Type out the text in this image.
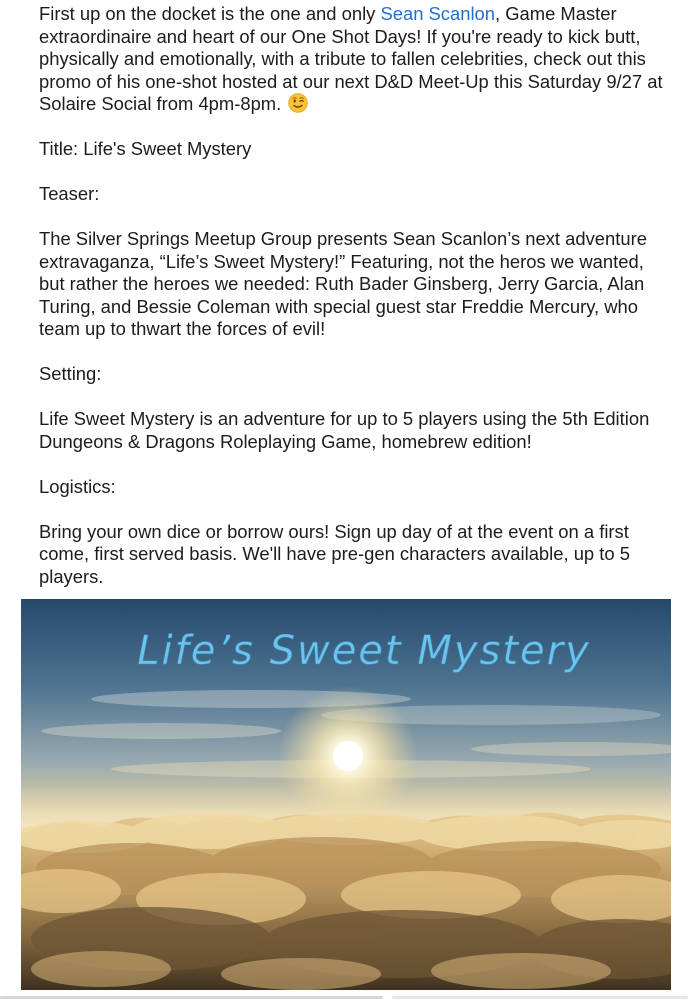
First up on the docket is the one and only Sean Scanlon, Game Master extraordinaire and heart of our One Shot Days! If you're ready to kick butt, physically and emotionally, with a tribute to fallen celebrities, check out this promo of his one-shot hosted at our next D&D Meet-Up this Saturday 9/27 at Solaire Social from 4pm-8pm.

Title: Life's Sweet Mystery

Teaser:

The Silver Springs Meetup Group presents Sean Scanlon’s next adventure extravaganza, “Life’s Sweet Mystery!” Featuring, not the heros we wanted, but rather the heroes we needed: Ruth Bader Ginsberg, Jerry Garcia, Alan Turing, and Bessie Coleman with special guest star Freddie Mercury, who team up to thwart the forces of evil!

Setting:

Life Sweet Mystery is an adventure for up to 5 players using the 5th Edition Dungeons & Dragons Roleplaying Game, homebrew edition!

Logistics:

Bring your own dice or borrow ours! Sign up day of at the event on a first come, first served basis. We'll have pre-gen characters available, up to 5 players.

Life’s Sweet Mystery
